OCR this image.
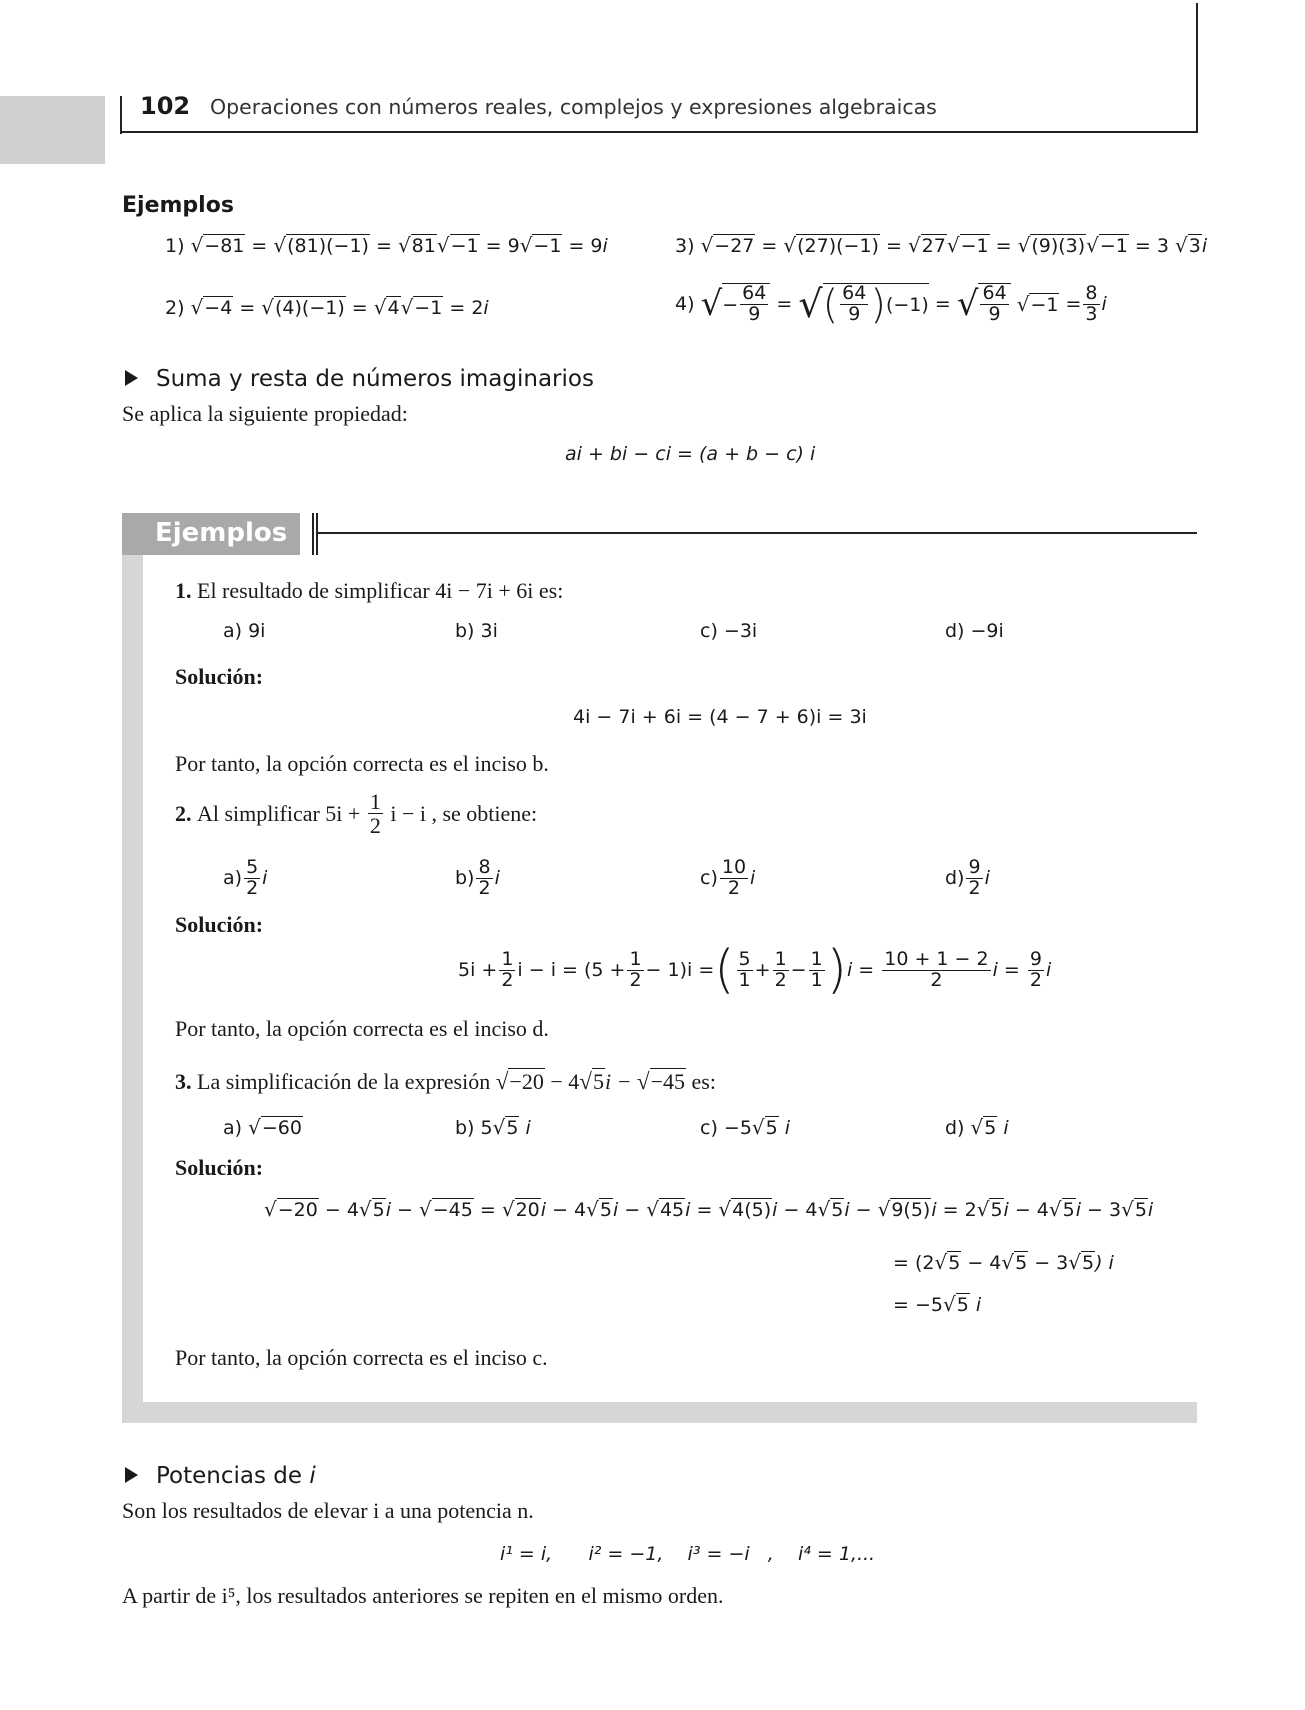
102 Operaciones con números reales, complejos y expresiones algebraicas
Ejemplos
1) √−81 = √(81)(−1) = √81√−1 = 9√−1 = 9i
2) √−4 = √(4)(−1) = √4√−1 = 2i
3) √−27 = √(27)(−1) = √27√−1 = √(9)(3)√−1 = 3 √3i
4)
√ − $\frac{64}{9}$ = √ ( $\frac{64}{9}$ ) (−1) = √ $\frac{64}{9}$
$√-1 = \frac{8}{3}$ i
Suma y resta de números imaginarios
Se aplica la siguiente propiedad:
ai + bi − ci = (a + b − c) i
Ejemplos
1. El resultado de simplificar 4i − 7i + 6i es:
a) 9i	b) 3i	c) −3i	d) −9i
Solución:
4i − 7i + 6i = (4 − 7 + 6)i = 3i
Por tanto, la opción correcta es el inciso b.
2.
Al simplificar 5i +
$\frac{1}{2}$
i − i , se obtiene:
$a) \frac{5}{2}$ i	$b) \frac{8}{2}$ i	$c) \frac{10}{2}$ i	$d) \frac{9}{2}$ i
Solución:
$5i + \frac{1}{2}$ $i - i = (5 + \frac{1}{2} - 1)i$ = ( $\frac{5}{1} + \frac{1}{2} - \frac{1}{1}$ ) $i = \frac{10 + 1 - 2}{2}$ $i = \frac{9}{2}$ i
Por tanto, la opción correcta es el inciso d.
3. La simplificación de la expresión √−20 − 4√5i − √−45 es:
a) √−60	b) 5√5 i	c) −5√5 i	d) √5 i
Solución:
√−20 − 4√5i − √−45 = √20i − 4√5i − √45i = √4(5)i − 4√5i − √9(5)i = 2√5i − 4√5i − 3√5i
= (2√5 − 4√5 − 3√5) i
= −5√5 i
Por tanto, la opción correcta es el inciso c.
Potencias de i
Son los resultados de elevar i a una potencia n.
i¹ = i,      i² = −1,    i³ = −i   ,    i⁴ = 1,...
A partir de i⁵, los resultados anteriores se repiten en el mismo orden.
